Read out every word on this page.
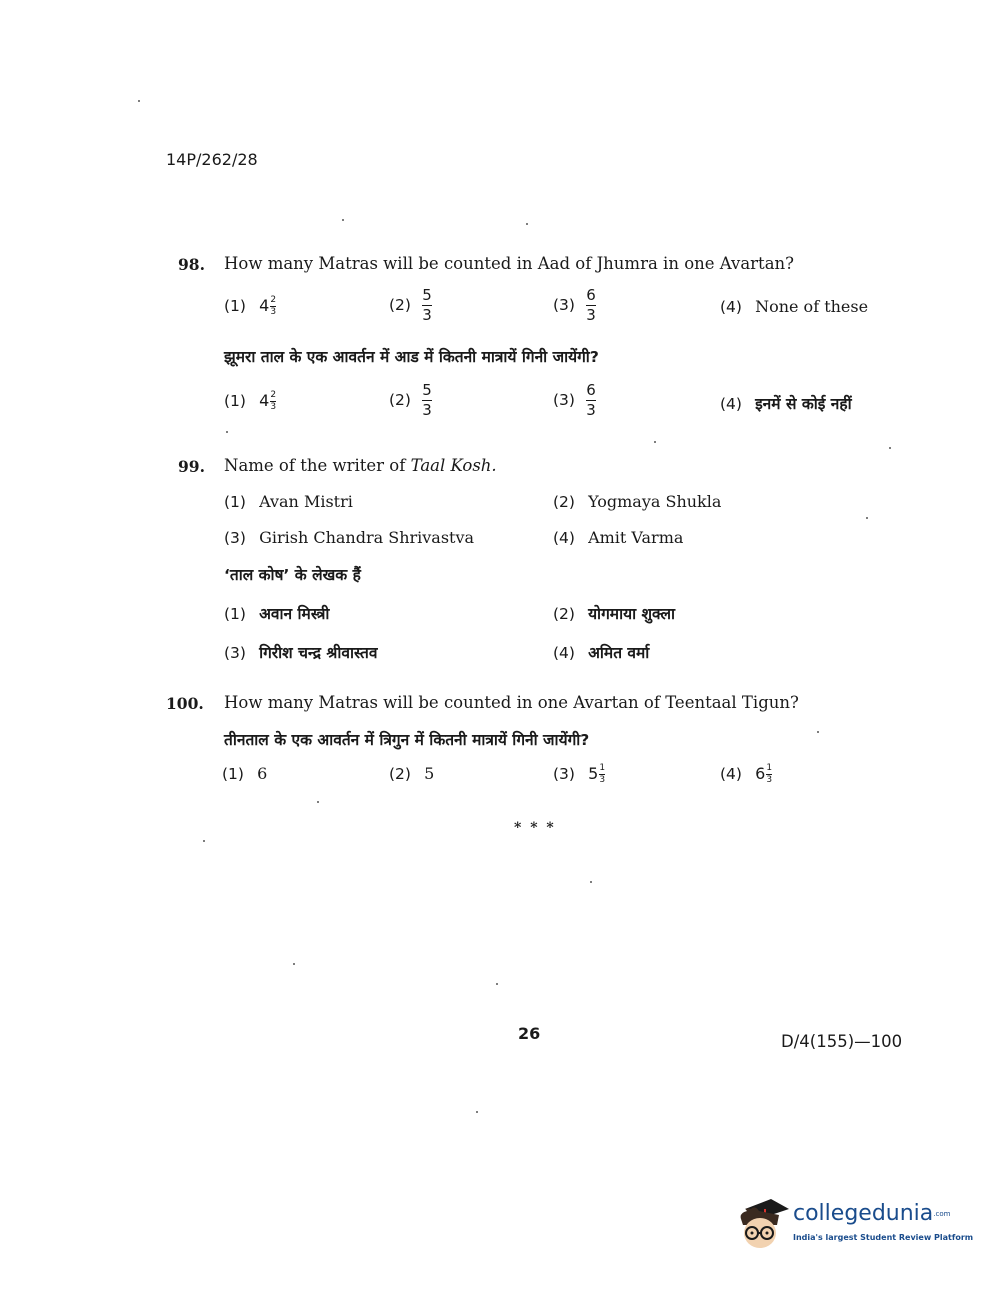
14P/262/28
98. How many Matras will be counted in Aad of Jhumra in one Avartan?
(1) $4 \frac{2}{3}$	$(2) \frac{5}{3}$	$(3) \frac{6}{3}$	(4) None of these
झूमरा ताल के एक आवर्तन में आड में कितनी मात्रायें गिनी जायेंगी?
(1) $4 \frac{2}{3}$	$(2) \frac{5}{3}$	$(3) \frac{6}{3}$	(4) इनमें से कोई नहीं
99. Name of the writer of Taal Kosh.
(1) Avan Mistri	(2) Yogmaya Shukla
(3) Girish Chandra Shrivastva	(4) Amit Varma
‘ताल कोष’ के लेखक हैं
(1) अवान मिस्त्री	(2) योगमाया शुक्ला
(3) गिरीश चन्द्र श्रीवास्तव	(4) अमित वर्मा
100. How many Matras will be counted in one Avartan of Teentaal Tigun?
तीनताल के एक आवर्तन में त्रिगुन में कितनी मात्रायें गिनी जायेंगी?
(1) 6	(2) 5	(3) $5 \frac{1}{3}$	(4) $6 \frac{1}{3}$
* * *
26	D/4(155)—100
collegedunia.com
India's largest Student Review Platform
